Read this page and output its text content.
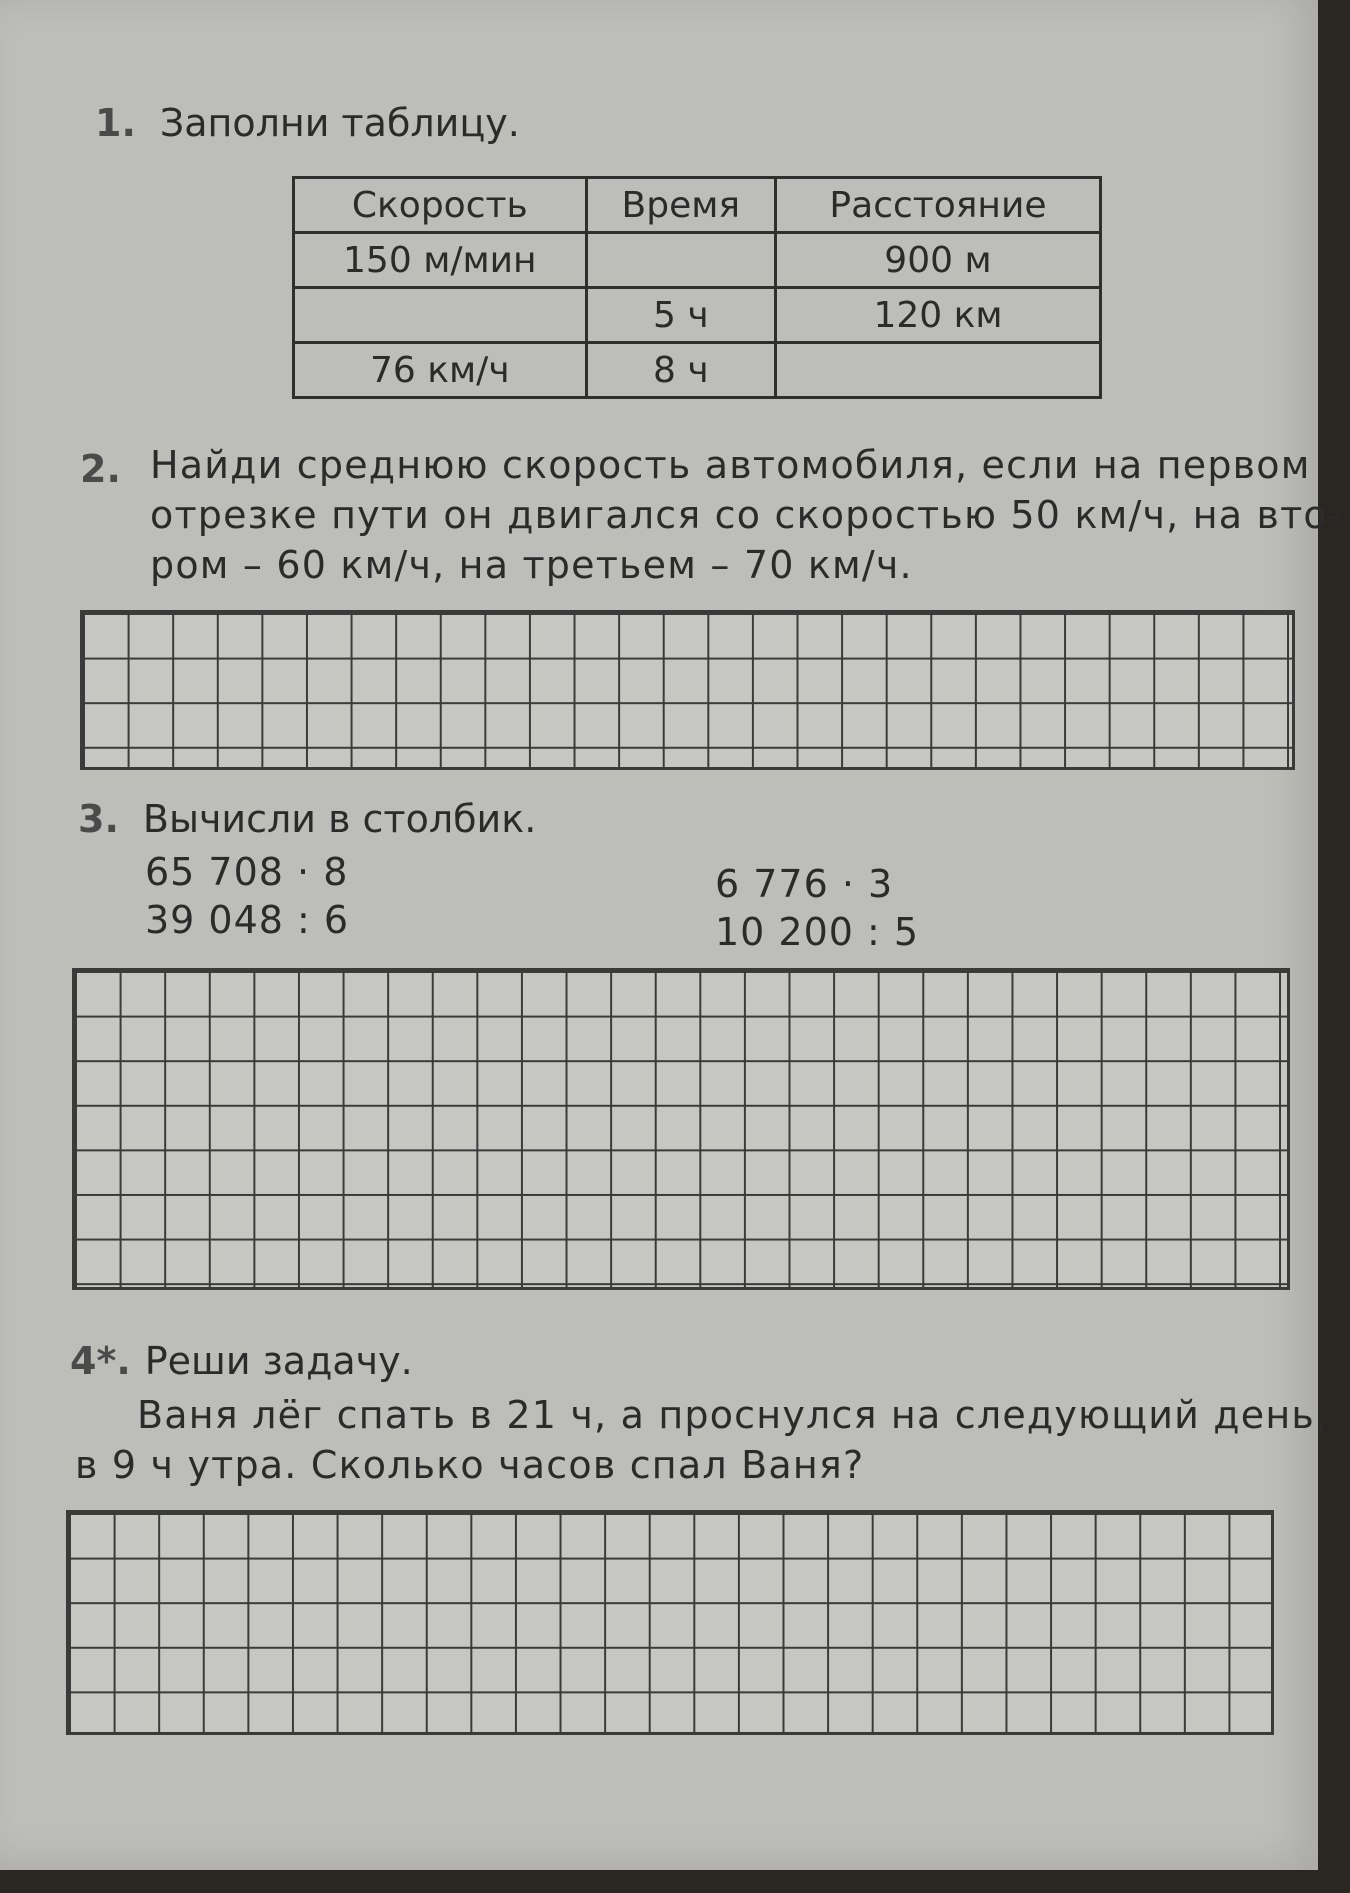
1. Заполни таблицу.
Скорость	Время	Расстояние
150 м/мин		900 м
	5 ч	120 км
76 км/ч	8 ч	
2. Найди среднюю скорость автомобиля, если на первом
отрезке пути он двигался со скоростью 50 км/ч, на вто-
ром – 60 км/ч, на третьем – 70 км/ч.
3. Вычисли в столбик.
65 708 · 8
39 048 : 6
6 776 · 3
10 200 : 5
4*. Реши задачу.
Ваня лёг спать в 21 ч, а проснулся на следующий день,
в 9 ч утра. Сколько часов спал Ваня?
